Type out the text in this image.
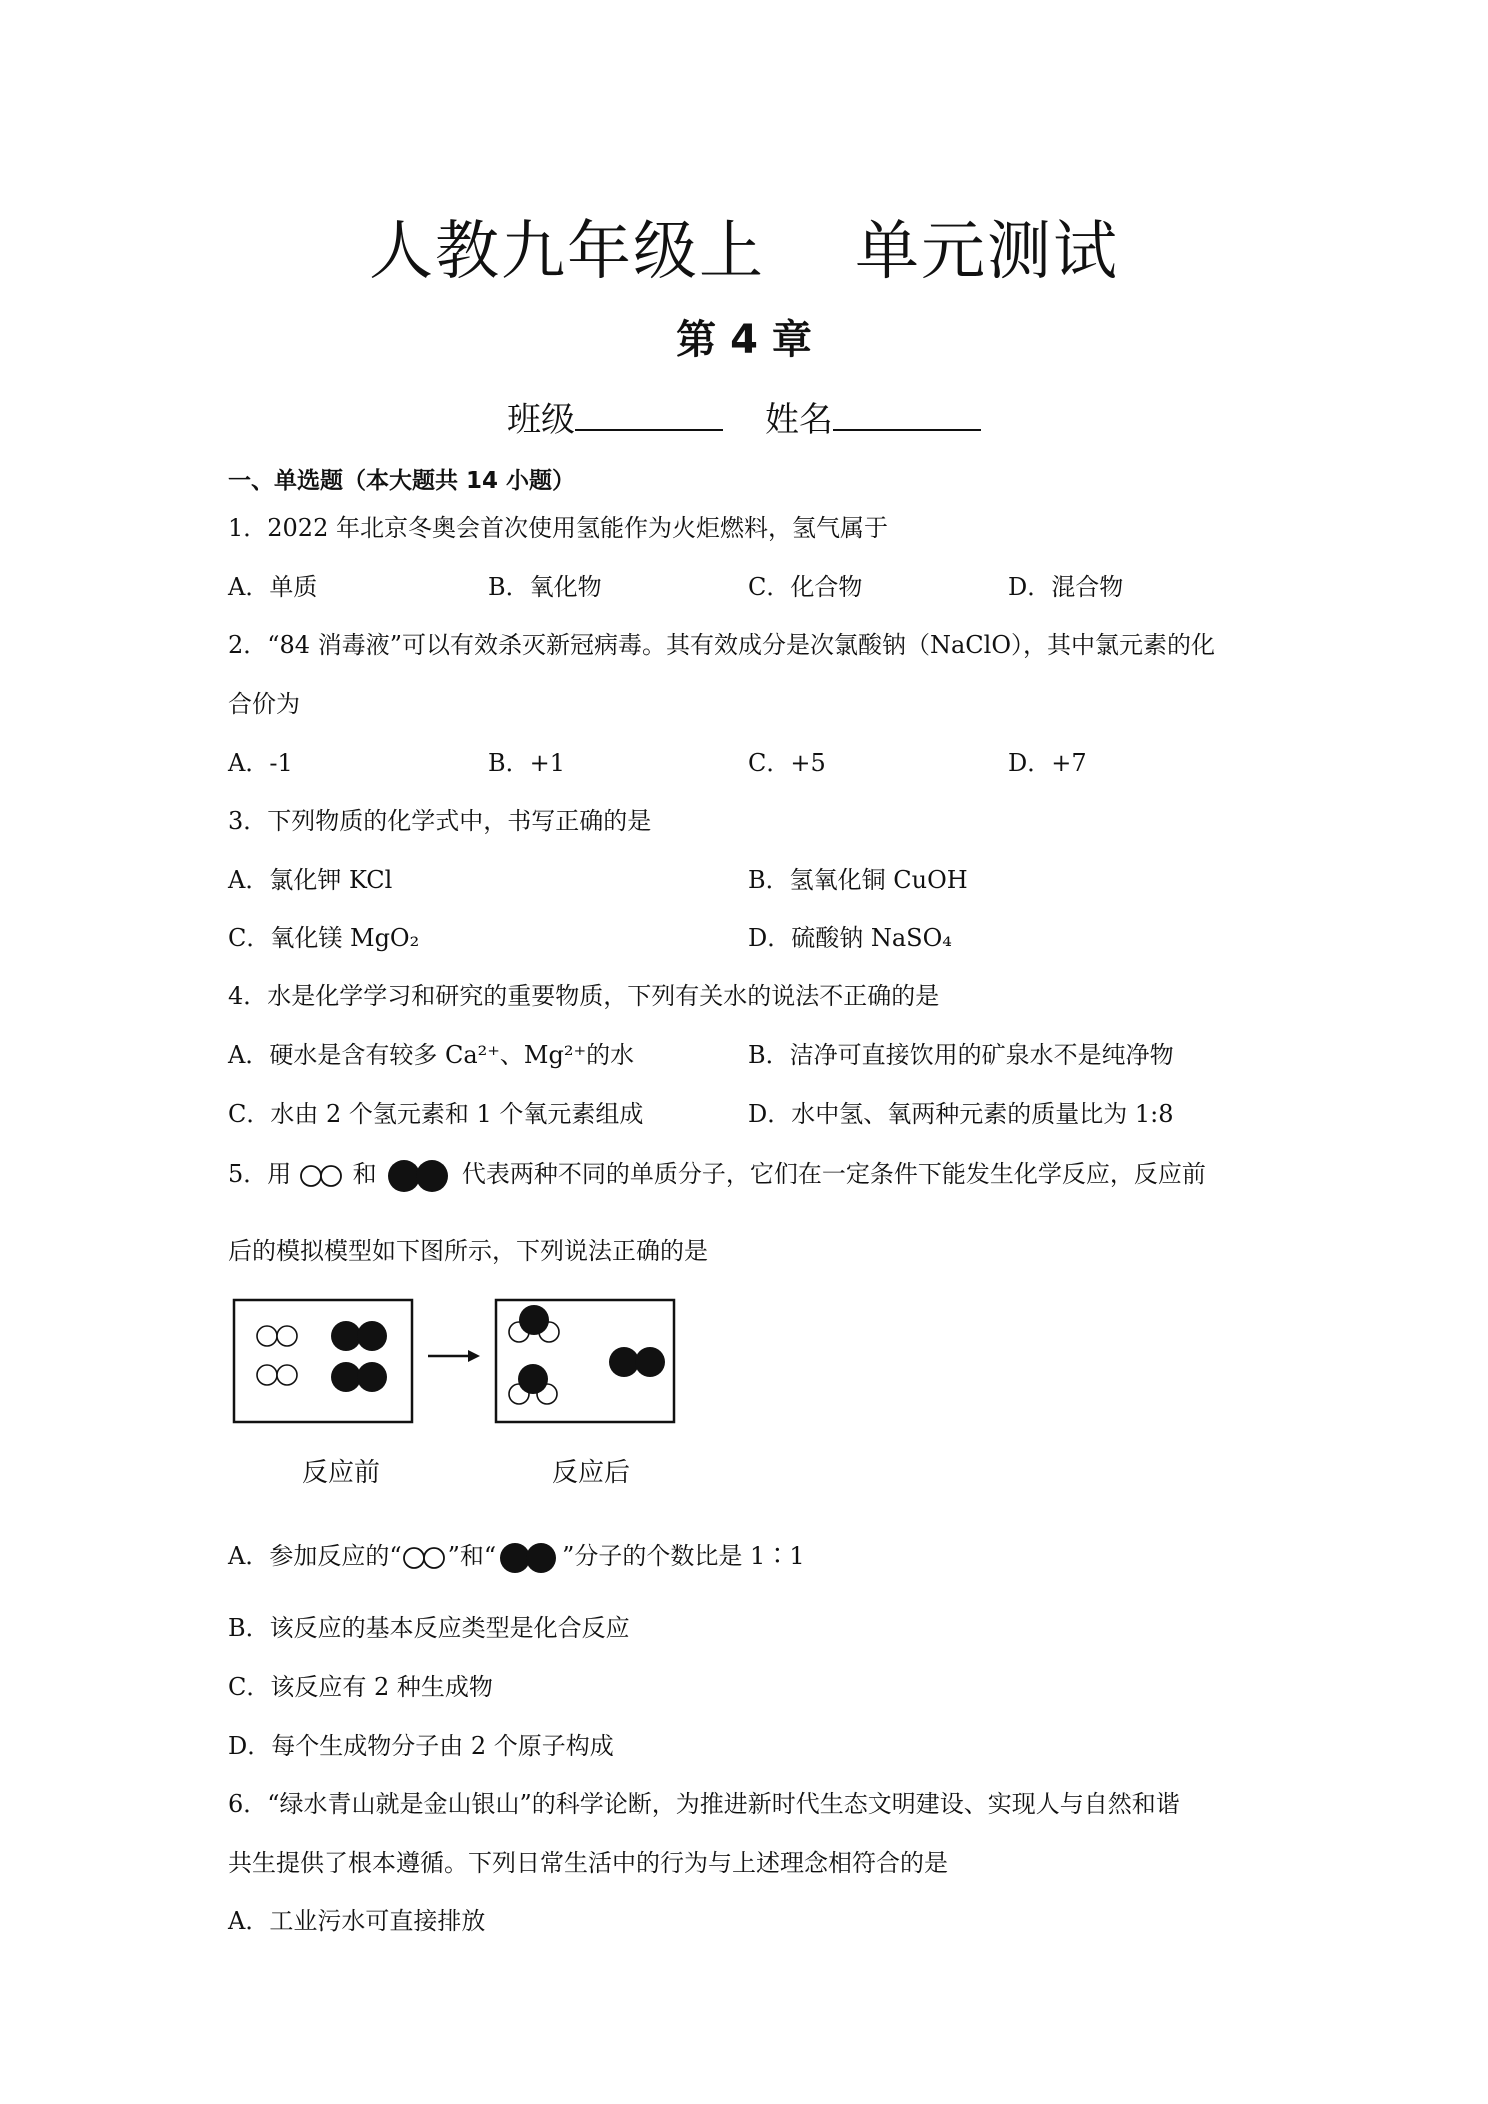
人教九年级上 单元测试
第 4 章
班级	姓名
一、单选题（本大题共 14 小题）
1．2022 年北京冬奥会首次使用氢能作为火炬燃料，氢气属于
A．单质	B．氧化物	C．化合物	D．混合物
2．“84 消毒液”可以有效杀灭新冠病毒。其有效成分是次氯酸钠（NaClO），其中氯元素的化
合价为
A．-1	B．+1	C．+5	D．+7
3．下列物质的化学式中，书写正确的是
A．氯化钾 KCl	B．氢氧化铜 CuOH
C．氧化镁 MgO₂	D．硫酸钠 NaSO₄
4．水是化学学习和研究的重要物质，下列有关水的说法不正确的是
A．硬水是含有较多 Ca²⁺、Mg²⁺的水	B．洁净可直接饮用的矿泉水不是纯净物
C．水由 2 个氢元素和 1 个氧元素组成	D．水中氢、氧两种元素的质量比为 1:8
5．用	和	代表两种不同的单质分子，它们在一定条件下能发生化学反应，反应前
后的模拟模型如下图所示，下列说法正确的是
反应前	反应后
A．参加反应的“ ”和“	”分子的个数比是 1∶1
B．该反应的基本反应类型是化合反应
C．该反应有 2 种生成物
D．每个生成物分子由 2 个原子构成
6．“绿水青山就是金山银山”的科学论断，为推进新时代生态文明建设、实现人与自然和谐
共生提供了根本遵循。下列日常生活中的行为与上述理念相符合的是
A．工业污水可直接排放
